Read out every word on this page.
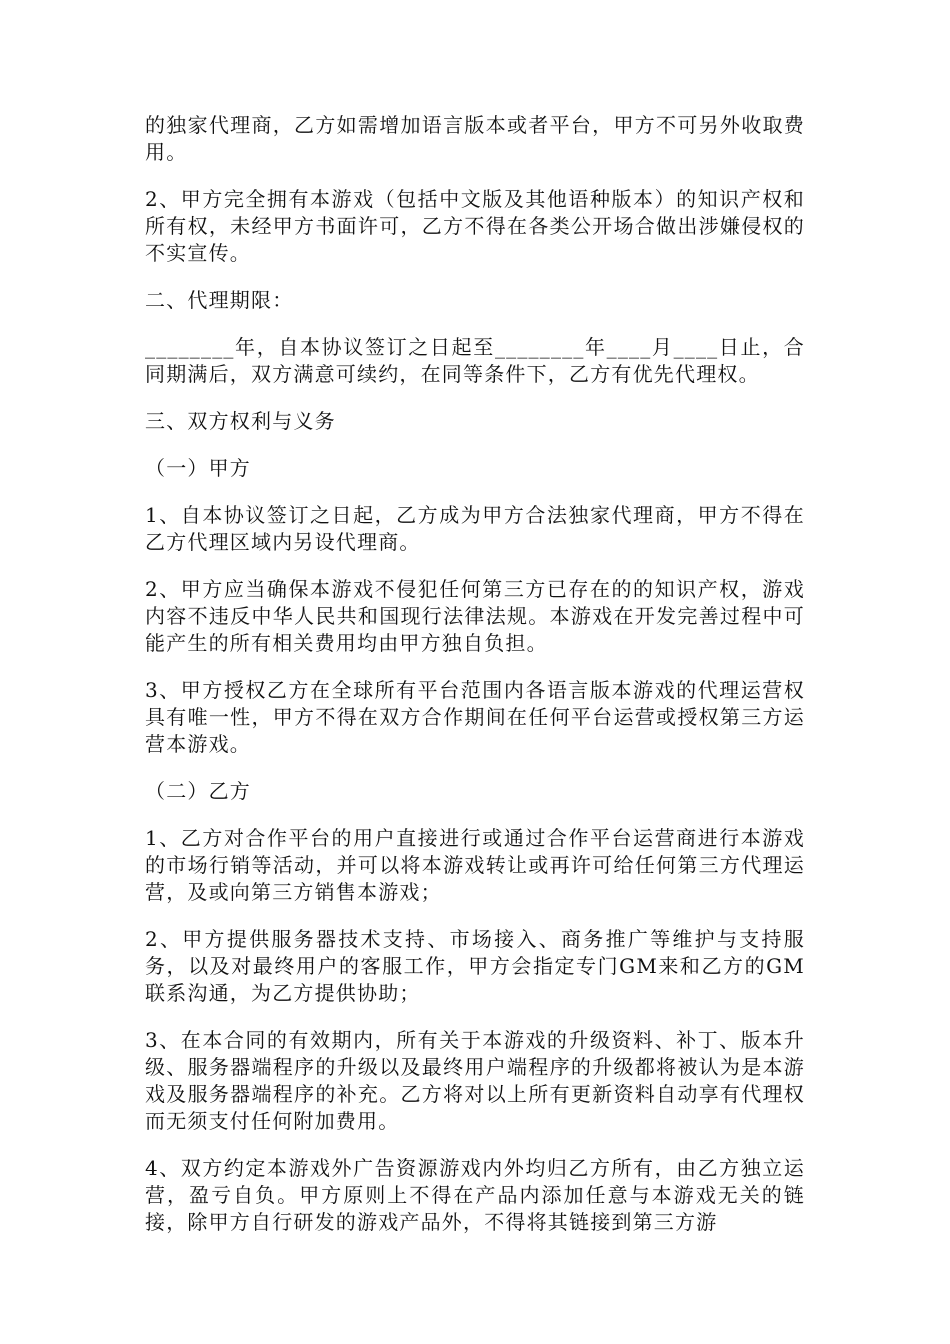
的独家代理商，乙方如需增加语言版本或者平台，甲方不可另外收取费用。

2、甲方完全拥有本游戏（包括中文版及其他语种版本）的知识产权和所有权，未经甲方书面许可，乙方不得在各类公开场合做出涉嫌侵权的不实宣传。

二、代理期限：

________年，自本协议签订之日起至________年____月____日止，合同期满后，双方满意可续约，在同等条件下，乙方有优先代理权。

三、双方权利与义务

（一）甲方

1、自本协议签订之日起，乙方成为甲方合法独家代理商，甲方不得在乙方代理区域内另设代理商。

2、甲方应当确保本游戏不侵犯任何第三方已存在的的知识产权，游戏内容不违反中华人民共和国现行法律法规。本游戏在开发完善过程中可能产生的所有相关费用均由甲方独自负担。

3、甲方授权乙方在全球所有平台范围内各语言版本游戏的代理运营权具有唯一性，甲方不得在双方合作期间在任何平台运营或授权第三方运营本游戏。

（二）乙方

1、乙方对合作平台的用户直接进行或通过合作平台运营商进行本游戏的市场行销等活动，并可以将本游戏转让或再许可给任何第三方代理运营，及或向第三方销售本游戏；

2、甲方提供服务器技术支持、市场接入、商务推广等维护与支持服务，以及对最终用户的客服工作，甲方会指定专门GM来和乙方的GM联系沟通，为乙方提供协助；

3、在本合同的有效期内，所有关于本游戏的升级资料、补丁、版本升级、服务器端程序的升级以及最终用户端程序的升级都将被认为是本游戏及服务器端程序的补充。乙方将对以上所有更新资料自动享有代理权而无须支付任何附加费用。

4、双方约定本游戏外广告资源游戏内外均归乙方所有，由乙方独立运营，盈亏自负。甲方原则上不得在产品内添加任意与本游戏无关的链接，除甲方自行研发的游戏产品外，不得将其链接到第三方游
